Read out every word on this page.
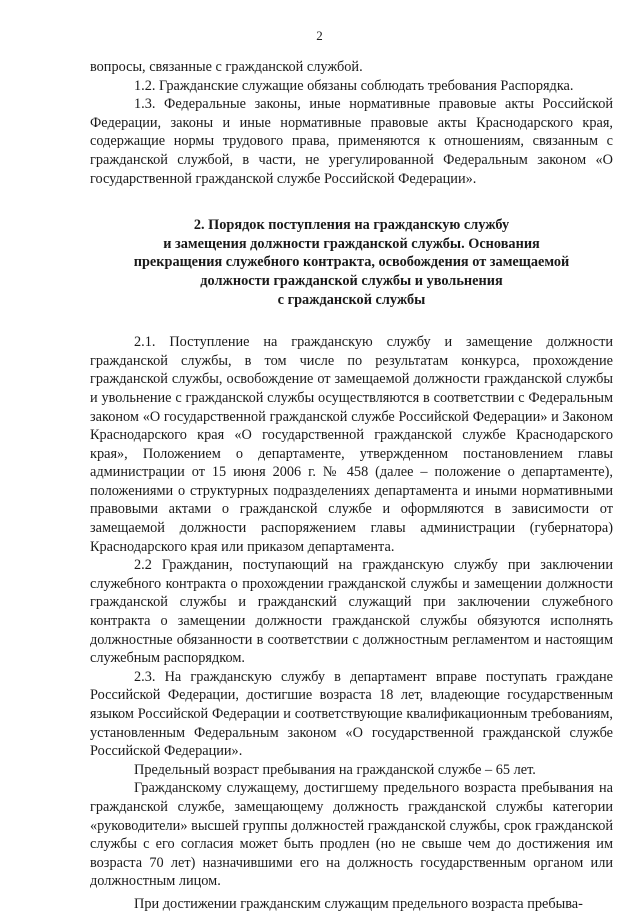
2

вопросы, связанные с гражданской службой.

1.2. Гражданские служащие обязаны соблюдать требования Распорядка.

1.3. Федеральные законы, иные нормативные правовые акты Российской Федерации, законы и иные нормативные правовые акты Краснодарского края, содержащие нормы трудового права, применяются к отношениям, связанным с гражданской службой, в части, не урегулированной Федеральным законом «О государственной гражданской службе Российской Федерации».

2. Порядок поступления на гражданскую службу
и замещения должности гражданской службы. Основания
прекращения служебного контракта, освобождения от замещаемой
должности гражданской службы и увольнения
с гражданской службы

2.1. Поступление на гражданскую службу и замещение должности гражданской службы, в том числе по результатам конкурса, прохождение гражданской службы, освобождение от замещаемой должности гражданской службы и увольнение с гражданской службы осуществляются в соответствии с Федеральным законом «О государственной гражданской службе Российской Федерации» и Законом Краснодарского края «О государственной гражданской службе Краснодарского края», Положением о департаменте, утвержденном постановлением главы администрации от 15 июня 2006 г. № 458 (далее – положение о департаменте), положениями о структурных подразделениях департамента и иными нормативными правовыми актами о гражданской службе и оформляются в зависимости от замещаемой должности распоряжением главы администрации (губернатора) Краснодарского края или приказом департамента.

2.2 Гражданин, поступающий на гражданскую службу при заключении служебного контракта о прохождении гражданской службы и замещении должности гражданской службы и гражданский служащий при заключении служебного контракта о замещении должности гражданской службы обязуются исполнять должностные обязанности в соответствии с должностным регламентом и настоящим служебным распорядком.

2.3. На гражданскую службу в департамент вправе поступать граждане Российской Федерации, достигшие возраста 18 лет, владеющие государственным языком Российской Федерации и соответствующие квалификационным требованиям, установленным Федеральным законом «О государственной гражданской службе Российской Федерации».

Предельный возраст пребывания на гражданской службе – 65 лет.

Гражданскому служащему, достигшему предельного возраста пребывания на гражданской службе, замещающему должность гражданской службы категории «руководители» высшей группы должностей гражданской службы, срок гражданской службы с его согласия может быть продлен (но не свыше чем до достижения им возраста 70 лет) назначившими его на должность государственным органом или должностным лицом.

При достижении гражданским служащим предельного возраста пребыва-
